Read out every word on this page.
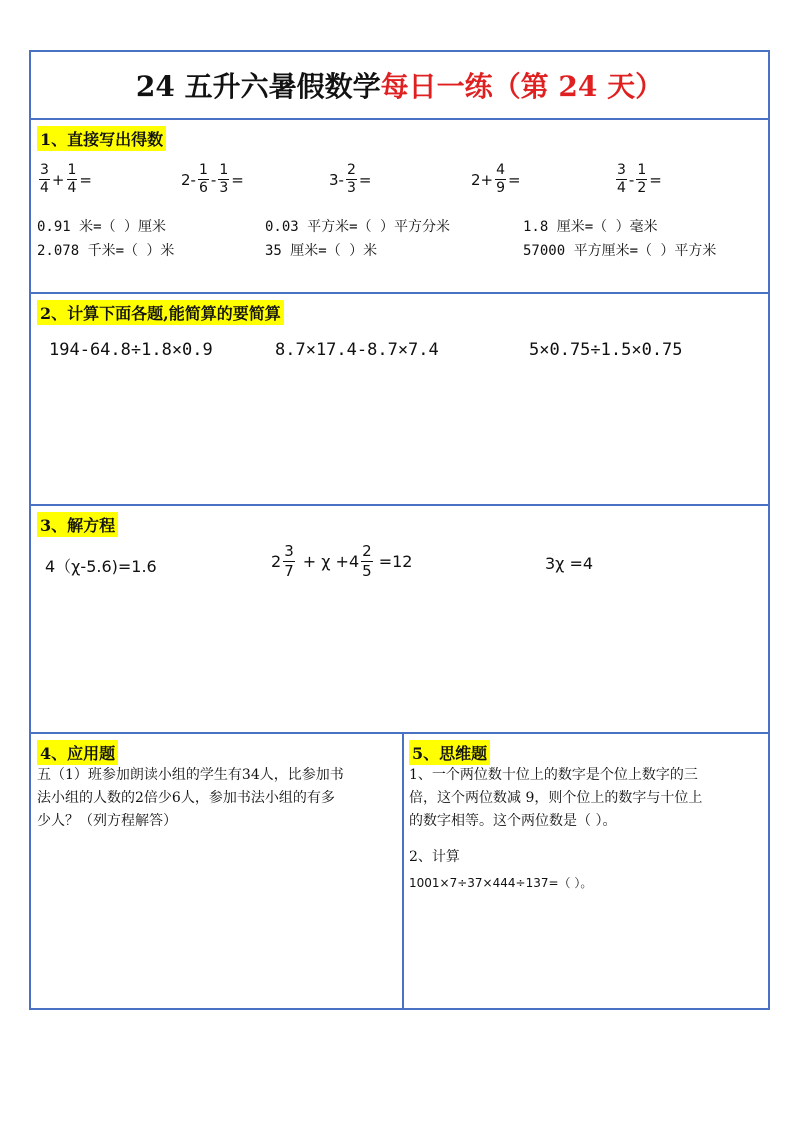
24 五升六暑假数学 每日一练（第 24 天）
1、直接写出得数
$\frac{3}{4} + \frac{1}{4}$ =	$2- \frac{1}{6} - \frac{1}{3}$ =	$3- \frac{2}{3}$ =	$2+ \frac{4}{9}$ =	$\frac{3}{4} - \frac{1}{2}$ =
0.91 米=（ ）厘米	0.03 平方米=（ ）平方分米	1.8 厘米=（ ）毫米
2.078 千米=（ ）米	35 厘米=（ ）米	57000 平方厘米=（ ）平方米
2、计算下面各题,能简算的要简算
194-64.8÷1.8×0.9	8.7×17.4-8.7×7.4	5×0.75÷1.5×0.75
3、解方程
4（χ-5.6)=1.6	$2 \frac{3}{7} + \chi +4 \frac{2}{5} =12$	3χ =4
4、应用题
五（1）班参加朗读小组的学生有34人，比参加书
法小组的人数的2倍少6人，参加书法小组的有多
少人？（列方程解答）
5、思维题
1、一个两位数十位上的数字是个位上数字的三
倍，这个两位数减 9，则个位上的数字与十位上
的数字相等。这个两位数是（ ）。
2、计算
1001×7÷37×444÷137=（ ）。
